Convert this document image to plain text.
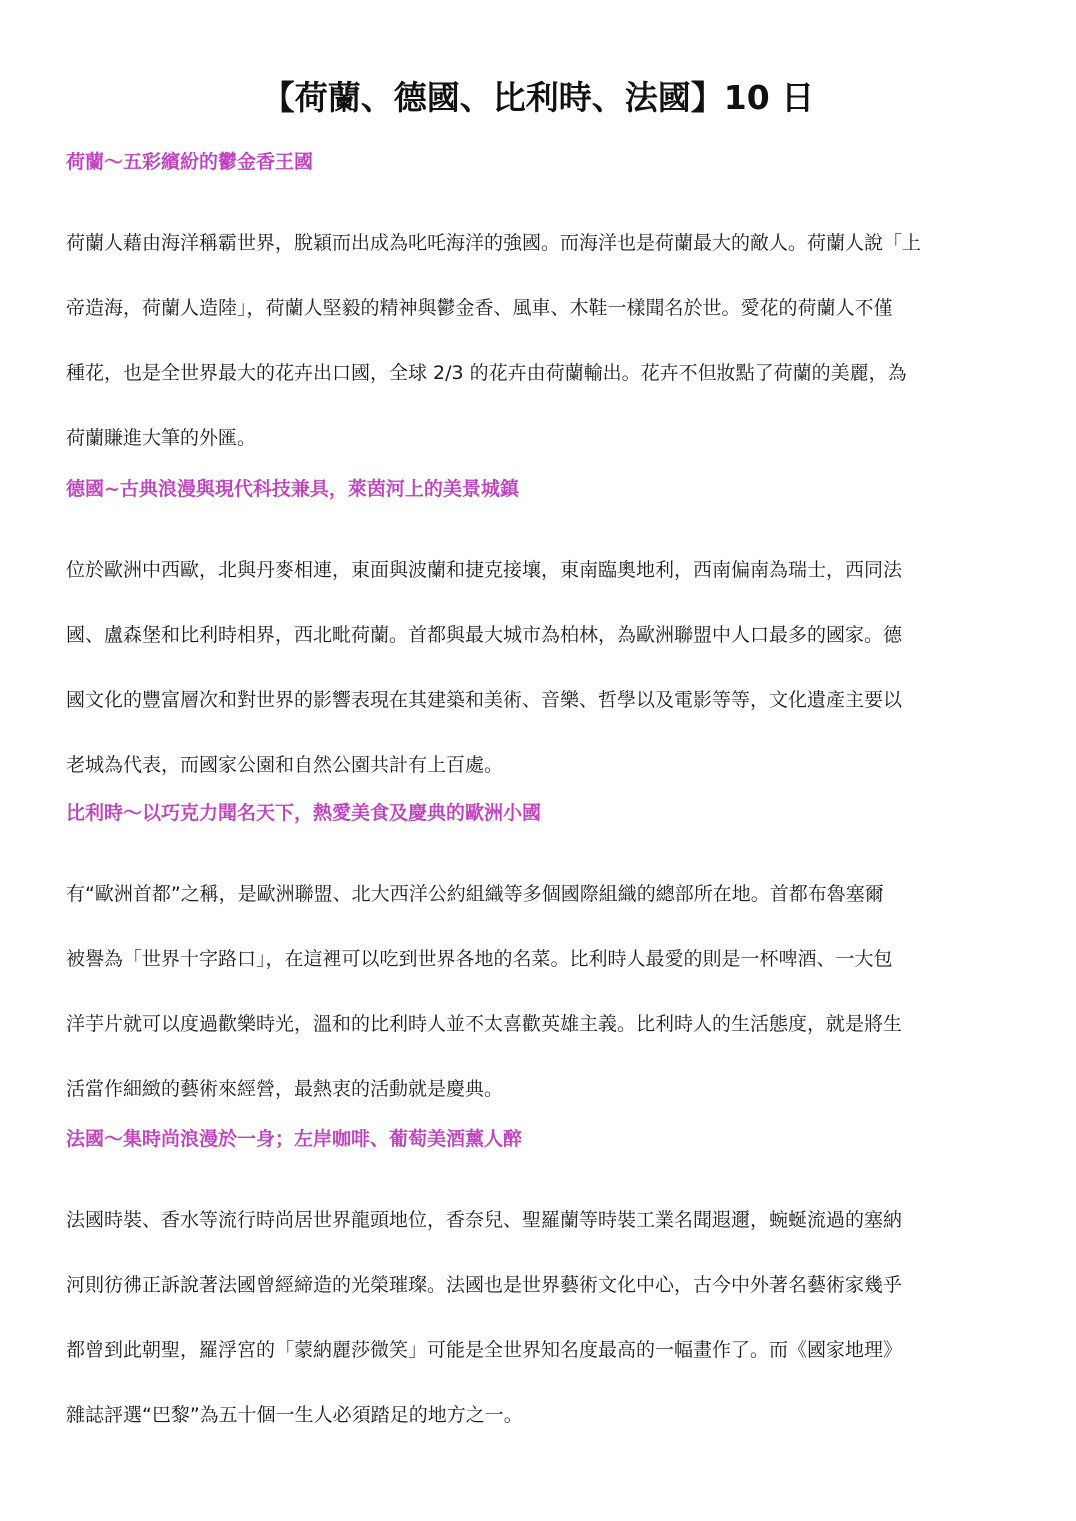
【荷蘭、德國、比利時、法國】10 日
荷蘭～五彩繽紛的鬱金香王國

荷蘭人藉由海洋稱霸世界，脫穎而出成為叱吒海洋的強國。而海洋也是荷蘭最大的敵人。荷蘭人說「上
帝造海，荷蘭人造陸」，荷蘭人堅毅的精神與鬱金香、風車、木鞋一樣聞名於世。愛花的荷蘭人不僅
種花，也是全世界最大的花卉出口國，全球 2/3 的花卉由荷蘭輸出。花卉不但妝點了荷蘭的美麗，為
荷蘭賺進大筆的外匯。

德國~古典浪漫與現代科技兼具，萊茵河上的美景城鎮

位於歐洲中西歐，北與丹麥相連，東面與波蘭和捷克接壤，東南臨奧地利，西南偏南為瑞士，西同法
國、盧森堡和比利時相界，西北毗荷蘭。首都與最大城市為柏林，為歐洲聯盟中人口最多的國家。德
國文化的豐富層次和對世界的影響表現在其建築和美術、音樂、哲學以及電影等等，文化遺產主要以
老城為代表，而國家公園和自然公園共計有上百處。

比利時～以巧克力聞名天下，熱愛美食及慶典的歐洲小國

有“歐洲首都”之稱，是歐洲聯盟、北大西洋公約組織等多個國際組織的總部所在地。首都布魯塞爾
被譽為「世界十字路口」，在這裡可以吃到世界各地的名菜。比利時人最愛的則是一杯啤酒、一大包
洋芋片就可以度過歡樂時光，溫和的比利時人並不太喜歡英雄主義。比利時人的生活態度，就是將生
活當作細緻的藝術來經營，最熱衷的活動就是慶典。

法國～集時尚浪漫於一身；左岸咖啡、葡萄美酒薰人醉

法國時裝、香水等流行時尚居世界龍頭地位，香奈兒、聖羅蘭等時裝工業名聞遐邇，蜿蜒流過的塞納
河則彷彿正訴說著法國曾經締造的光榮璀璨。法國也是世界藝術文化中心，古今中外著名藝術家幾乎
都曾到此朝聖，羅浮宮的「蒙納麗莎微笑」可能是全世界知名度最高的一幅畫作了。而《國家地理》
雜誌評選“巴黎”為五十個一生人必須踏足的地方之一。
